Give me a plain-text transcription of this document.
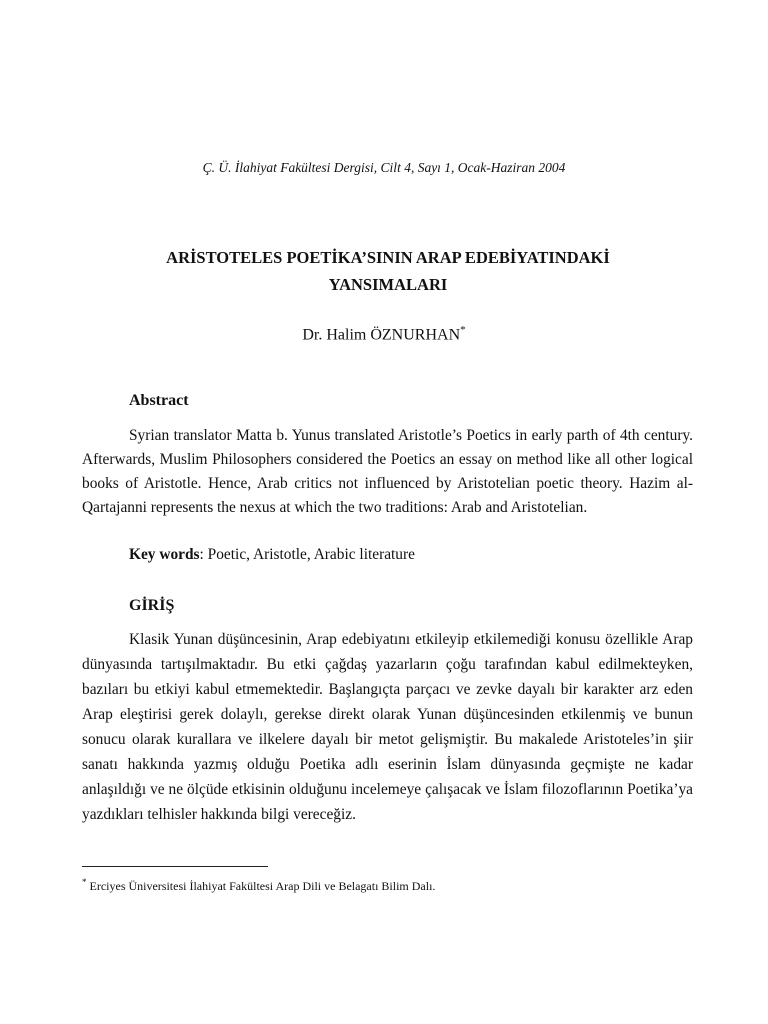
Ç. Ü. İlahiyat Fakültesi Dergisi, Cilt 4, Sayı 1, Ocak-Haziran 2004
ARİSTOTELES POETİKA’SININ ARAP EDEBİYATINDAKİ
YANSIMALARI
Dr. Halim ÖZNURHAN*
Abstract

Syrian translator Matta b. Yunus translated Aristotle’s Poetics in early parth of 4th century. Afterwards, Muslim Philosophers considered the Poetics an essay on method like all other logical books of Aristotle. Hence, Arab critics not influenced by Aristotelian poetic theory. Hazim al-Qartajanni represents the nexus at which the two traditions: Arab and Aristotelian.

Key words: Poetic, Aristotle, Arabic literature
GİRİŞ

Klasik Yunan düşüncesinin, Arap edebiyatını etkileyip etkilemediği konusu özellikle Arap dünyasında tartışılmaktadır. Bu etki çağdaş yazarların çoğu tarafından kabul edilmekteyken, bazıları bu etkiyi kabul etmemektedir. Başlangıçta parçacı ve zevke dayalı bir karakter arz eden Arap eleştirisi gerek dolaylı, gerekse direkt olarak Yunan düşüncesinden etkilenmiş ve bunun sonucu olarak kurallara ve ilkelere dayalı bir metot gelişmiştir. Bu makalede Aristoteles’in şiir sanatı hakkında yazmış olduğu Poetika adlı eserinin İslam dünyasında geçmişte ne kadar anlaşıldığı ve ne ölçüde etkisinin olduğunu incelemeye çalışacak ve İslam filozoflarının Poetika’ya yazdıkları telhisler hakkında bilgi vereceğiz.

* Erciyes Üniversitesi İlahiyat Fakültesi Arap Dili ve Belagatı Bilim Dalı.
